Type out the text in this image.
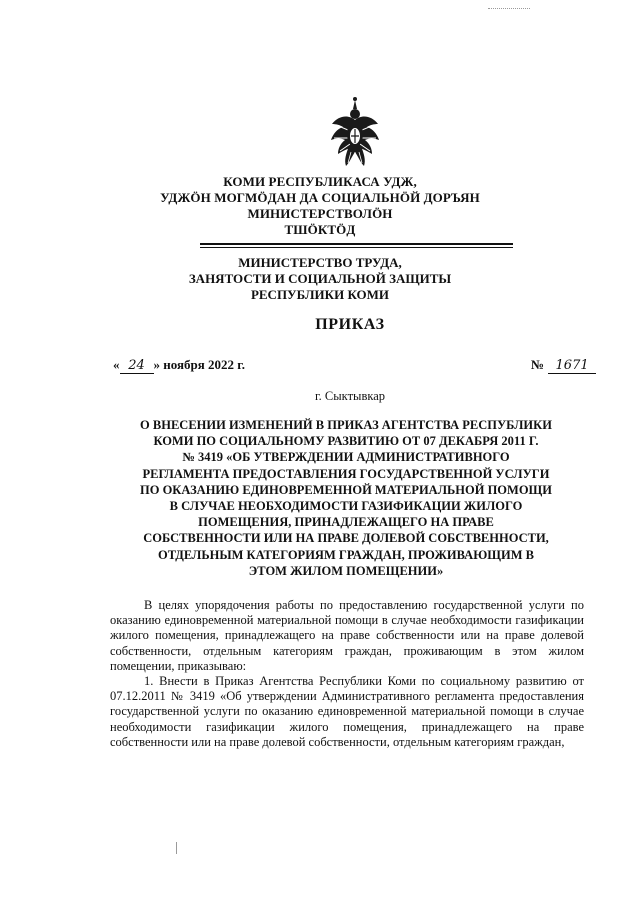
КОМИ РЕСПУБЛИКАСА УДЖ,
УДЖÖН МОГМÖДАН ДА СОЦИАЛЬНÖЙ ДОРЪЯН
МИНИСТЕРСТВОЛÖН
ТШÖКТÖД
МИНИСТЕРСТВО ТРУДА,
ЗАНЯТОСТИ И СОЦИАЛЬНОЙ ЗАЩИТЫ
РЕСПУБЛИКИ КОМИ
ПРИКАЗ
« 24 » ноября 2022 г.	№ 1671
г. Сыктывкар
О ВНЕСЕНИИ ИЗМЕНЕНИЙ В ПРИКАЗ АГЕНТСТВА РЕСПУБЛИКИ
КОМИ ПО СОЦИАЛЬНОМУ РАЗВИТИЮ ОТ 07 ДЕКАБРЯ 2011 Г.
№ 3419 «ОБ УТВЕРЖДЕНИИ АДМИНИСТРАТИВНОГО
РЕГЛАМЕНТА ПРЕДОСТАВЛЕНИЯ ГОСУДАРСТВЕННОЙ УСЛУГИ
ПО ОКАЗАНИЮ ЕДИНОВРЕМЕННОЙ МАТЕРИАЛЬНОЙ ПОМОЩИ
В СЛУЧАЕ НЕОБХОДИМОСТИ ГАЗИФИКАЦИИ ЖИЛОГО
ПОМЕЩЕНИЯ, ПРИНАДЛЕЖАЩЕГО НА ПРАВЕ
СОБСТВЕННОСТИ ИЛИ НА ПРАВЕ ДОЛЕВОЙ СОБСТВЕННОСТИ,
ОТДЕЛЬНЫМ КАТЕГОРИЯМ ГРАЖДАН, ПРОЖИВАЮЩИМ В
ЭТОМ ЖИЛОМ ПОМЕЩЕНИИ»

В целях упорядочения работы по предоставлению государственной услуги по оказанию единовременной материальной помощи в случае необходимости газификации жилого помещения, принадлежащего на праве собственности или на праве долевой собственности, отдельным категориям граждан, проживающим в этом жилом помещении, приказываю:

1. Внести в Приказ Агентства Республики Коми по социальному развитию от 07.12.2011 № 3419 «Об утверждении Административного регламента предоставления государственной услуги по оказанию единовременной материальной помощи в случае необходимости газификации жилого помещения, принадлежащего на праве собственности или на праве долевой собственности, отдельным категориям граждан,
